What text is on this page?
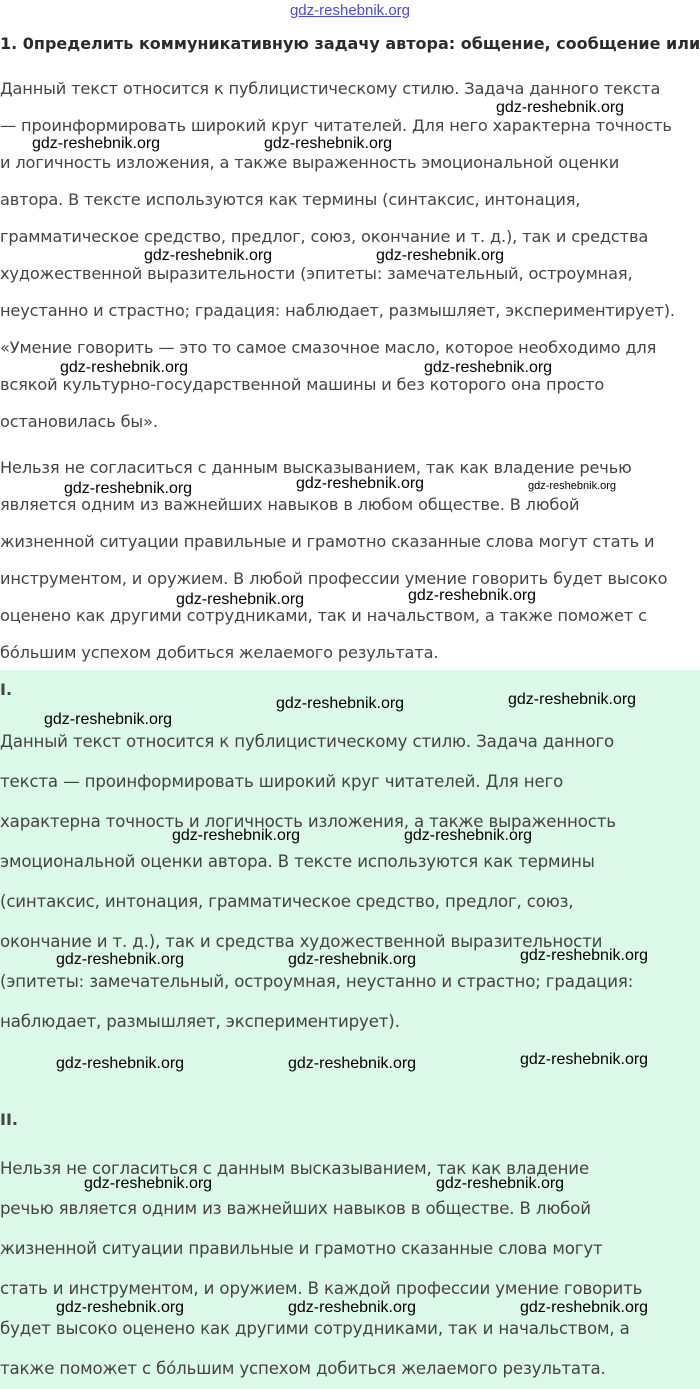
gdz-reshebnik.org
1. 0пределить коммуникативную задачу автора: общение, сообщение или
Данный текст относится к публицистическому стилю. Задача данного текста
— проинформировать широкий круг читателей. Для него характерна точность
и логичность изложения, а также выраженность эмоциональной оценки
автора. В тексте используются как термины (синтаксис, интонация,
грамматическое средство, предлог, союз, окончание и т. д.), так и средства
художественной выразительности (эпитеты: замечательный, остроумная,
неустанно и страстно; градация: наблюдает, размышляет, экспериментирует).
«Умение говорить — это то самое смазочное масло, которое необходимо для
всякой культурно-государственной машины и без которого она просто
остановилась бы».
Нельзя не согласиться с данным высказыванием, так как владение речью
является одним из важнейших навыков в любом обществе. В любой
жизненной ситуации правильные и грамотно сказанные слова могут стать и
инструментом, и оружием. В любой профессии умение говорить будет высоко
оценено как другими сотрудниками, так и начальством, а также поможет с
бо́льшим успехом добиться желаемого результата.
I.
Данный текст относится к публицистическому стилю. Задача данного
текста — проинформировать широкий круг читателей. Для него
характерна точность и логичность изложения, а также выраженность
эмоциональной оценки автора. В тексте используются как термины
(синтаксис, интонация, грамматическое средство, предлог, союз,
окончание и т. д.), так и средства художественной выразительности
(эпитеты: замечательный, остроумная, неустанно и страстно; градация:
наблюдает, размышляет, экспериментирует).
II.
Нельзя не согласиться с данным высказыванием, так как владение
речью является одним из важнейших навыков в обществе. В любой
жизненной ситуации правильные и грамотно сказанные слова могут
стать и инструментом, и оружием. В каждой профессии умение говорить
будет высоко оценено как другими сотрудниками, так и начальством, а
также поможет с бо́льшим успехом добиться желаемого результата.
gdz-reshebnik.org
gdz-reshebnik.org	gdz-reshebnik.org
gdz-reshebnik.org	gdz-reshebnik.org
gdz-reshebnik.org	gdz-reshebnik.org
gdz-reshebnik.org	gdz-reshebnik.org	gdz-reshebnik.org
gdz-reshebnik.org	gdz-reshebnik.org
gdz-reshebnik.org	gdz-reshebnik.org
gdz-reshebnik.org
gdz-reshebnik.org	gdz-reshebnik.org
gdz-reshebnik.org	gdz-reshebnik.org	gdz-reshebnik.org
gdz-reshebnik.org	gdz-reshebnik.org	gdz-reshebnik.org
gdz-reshebnik.org	gdz-reshebnik.org
gdz-reshebnik.org	gdz-reshebnik.org	gdz-reshebnik.org
